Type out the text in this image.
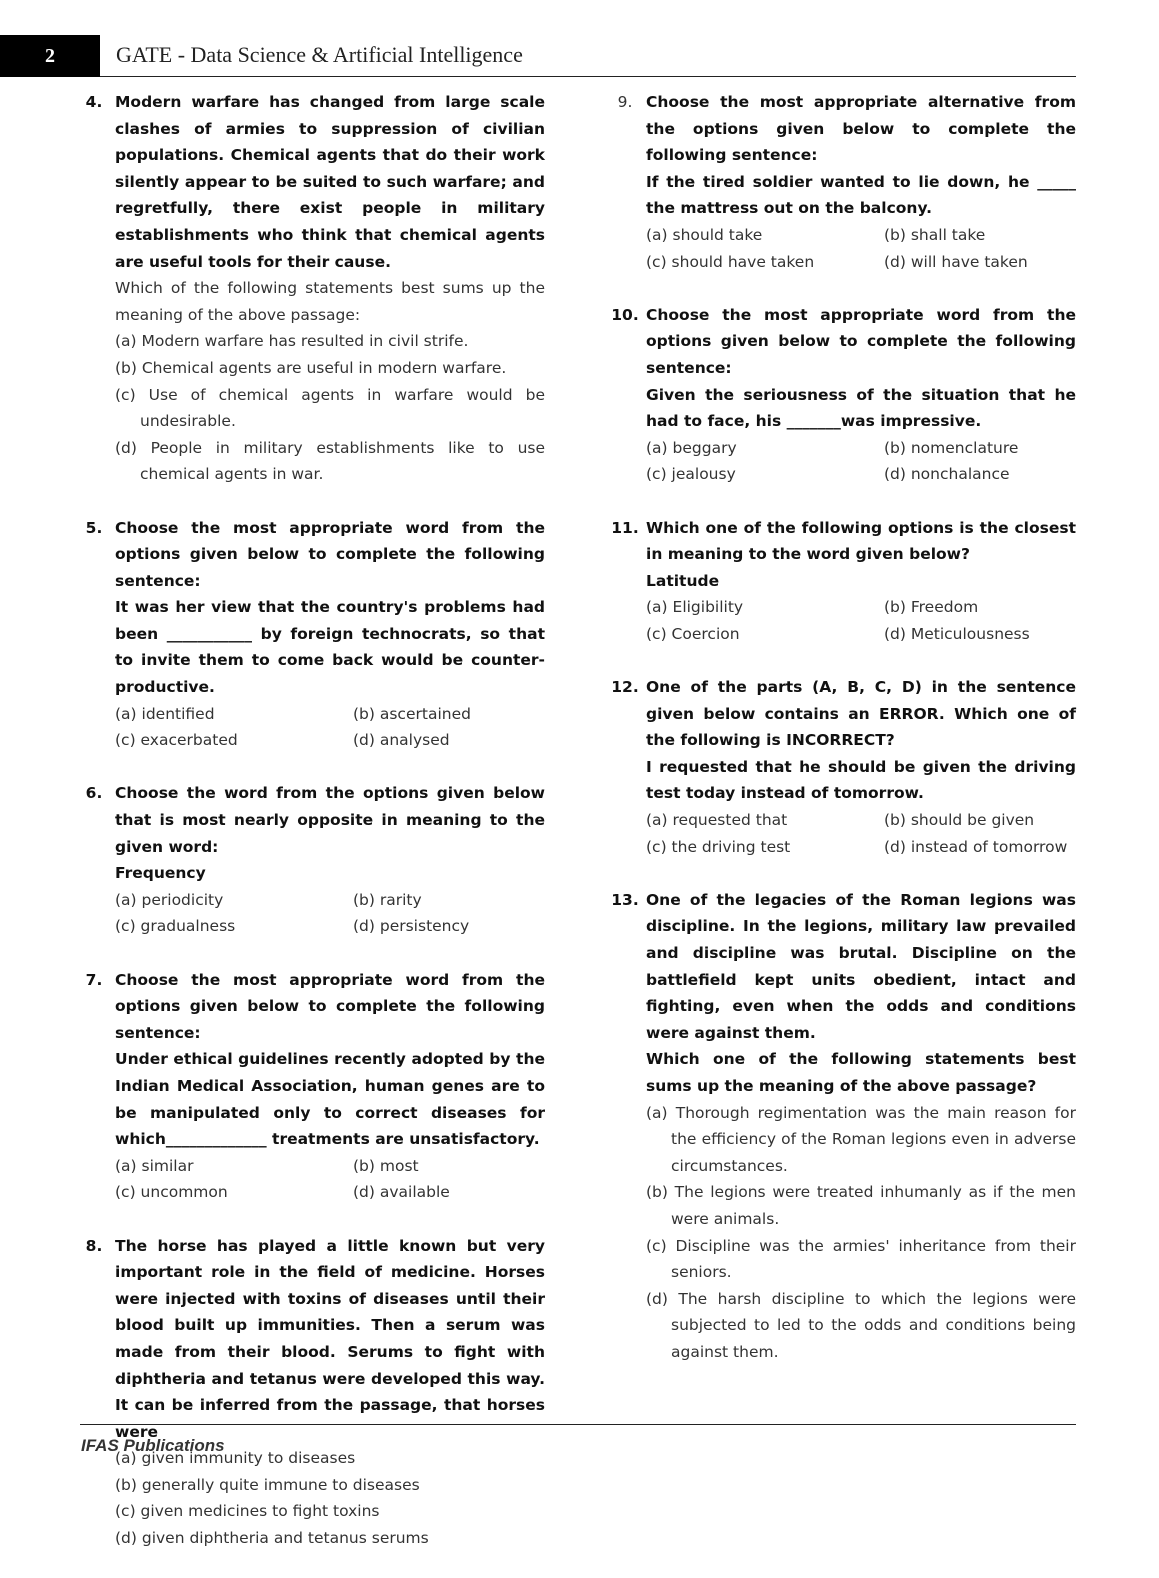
2	GATE - Data Science & Artificial Intelligence
4. Modern warfare has changed from large scale clashes of armies to suppression of civilian populations. Chemical agents that do their work silently appear to be suited to such warfare; and regretfully, there exist people in military establishments who think that chemical agents are useful tools for their cause.
Which of the following statements best sums up the meaning of the above passage:
(a) Modern warfare has resulted in civil strife.
(b) Chemical agents are useful in modern warfare.
(c) Use of chemical agents in warfare would be undesirable.
(d) People in military establishments like to use chemical agents in war.
5. Choose the most appropriate word from the options given below to complete the following sentence:
It was her view that the country's problems had been ___________ by foreign technocrats, so that to invite them to come back would be counter-productive.
(a) identified	(b) ascertained
(c) exacerbated	(d) analysed
6. Choose the word from the options given below that is most nearly opposite in meaning to the given word:
Frequency
(a) periodicity	(b) rarity
(c) gradualness	(d) persistency
7. Choose the most appropriate word from the options given below to complete the following sentence:
Under ethical guidelines recently adopted by the Indian Medical Association, human genes are to be manipulated only to correct diseases for which_____________ treatments are unsatisfactory.
(a) similar	(b) most
(c) uncommon	(d) available
8. The horse has played a little known but very important role in the field of medicine. Horses were injected with toxins of diseases until their blood built up immunities. Then a serum was made from their blood. Serums to fight with diphtheria and tetanus were developed this way. It can be inferred from the passage, that horses were
(a) given immunity to diseases
(b) generally quite immune to diseases
(c) given medicines to fight toxins
(d) given diphtheria and tetanus serums
9. Choose the most appropriate alternative from the options given below to complete the following sentence:
If the tired soldier wanted to lie down, he _____ the mattress out on the balcony.
(a) should take	(b) shall take
(c) should have taken	(d) will have taken
10. Choose the most appropriate word from the options given below to complete the following sentence:
Given the seriousness of the situation that he had to face, his _______was impressive.
(a) beggary	(b) nomenclature
(c) jealousy	(d) nonchalance
11. Which one of the following options is the closest in meaning to the word given below?
Latitude
(a) Eligibility	(b) Freedom
(c) Coercion	(d) Meticulousness
12. One of the parts (A, B, C, D) in the sentence given below contains an ERROR. Which one of the following is INCORRECT?
I requested that he should be given the driving test today instead of tomorrow.
(a) requested that	(b) should be given
(c) the driving test	(d) instead of tomorrow
13. One of the legacies of the Roman legions was discipline. In the legions, military law prevailed and discipline was brutal. Discipline on the battlefield kept units obedient, intact and fighting, even when the odds and conditions were against them.
Which one of the following statements best sums up the meaning of the above passage?
(a) Thorough regimentation was the main reason for the efficiency of the Roman legions even in adverse circumstances.
(b) The legions were treated inhumanly as if the men were animals.
(c) Discipline was the armies' inheritance from their seniors.
(d) The harsh discipline to which the legions were subjected to led to the odds and conditions being against them.
IFAS Publications
